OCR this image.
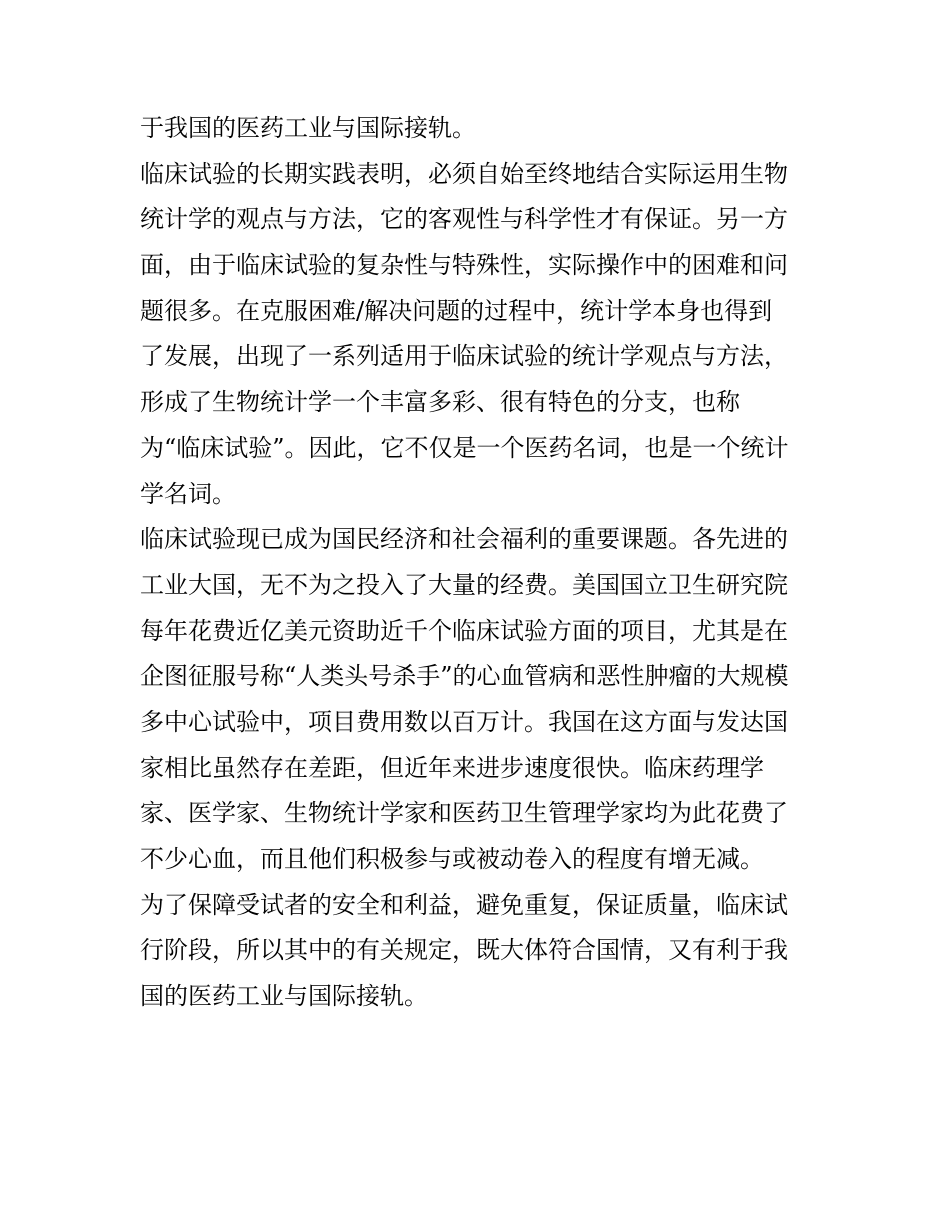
于我国的医药工业与国际接轨。
临床试验的长期实践表明，必须自始至终地结合实际运用生物
统计学的观点与方法，它的客观性与科学性才有保证。另一方
面，由于临床试验的复杂性与特殊性，实际操作中的困难和问
题很多。在克服困难/解决问题的过程中，统计学本身也得到
了发展，出现了一系列适用于临床试验的统计学观点与方法，
形成了生物统计学一个丰富多彩、很有特色的分支，也称
为“临床试验”。因此，它不仅是一个医药名词，也是一个统计
学名词。
临床试验现已成为国民经济和社会福利的重要课题。各先进的
工业大国，无不为之投入了大量的经费。美国国立卫生研究院
每年花费近亿美元资助近千个临床试验方面的项目，尤其是在
企图征服号称“人类头号杀手”的心血管病和恶性肿瘤的大规模
多中心试验中，项目费用数以百万计。我国在这方面与发达国
家相比虽然存在差距，但近年来进步速度很快。临床药理学
家、医学家、生物统计学家和医药卫生管理学家均为此花费了
不少心血，而且他们积极参与或被动卷入的程度有增无减。
为了保障受试者的安全和利益，避免重复，保证质量，临床试
行阶段，所以其中的有关规定，既大体符合国情，又有利于我
国的医药工业与国际接轨。
